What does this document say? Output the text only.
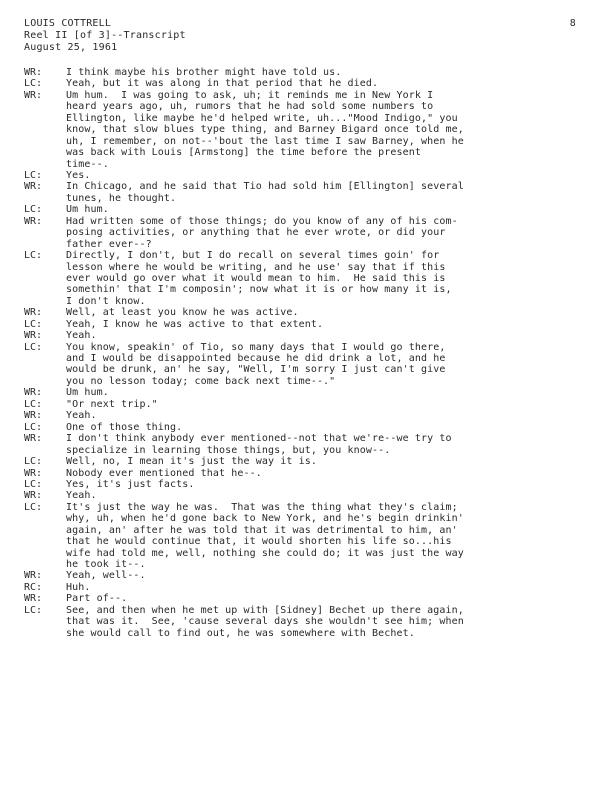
LOUIS COTTRELL
Reel II [of 3]--Transcript
August 25, 1961
8
WR:	I think maybe his brother might have told us.
LC:	Yeah, but it was along in that period that he died.
WR:	Um hum.  I was going to ask, uh; it reminds me in New York I
heard years ago, uh, rumors that he had sold some numbers to
Ellington, like maybe he'd helped write, uh..."Mood Indigo," you
know, that slow blues type thing, and Barney Bigard once told me,
uh, I remember, on not--'bout the last time I saw Barney, when he
was back with Louis [Armstong] the time before the present
time--.
LC:	Yes.
WR:	In Chicago, and he said that Tio had sold him [Ellington] several
tunes, he thought.
LC:	Um hum.
WR:	Had written some of those things; do you know of any of his com-
posing activities, or anything that he ever wrote, or did your
father ever--?
LC:	Directly, I don't, but I do recall on several times goin' for
lesson where he would be writing, and he use' say that if this
ever would go over what it would mean to him.  He said this is
somethin' that I'm composin'; now what it is or how many it is,
I don't know.
WR:	Well, at least you know he was active.
LC:	Yeah, I know he was active to that extent.
WR:	Yeah.
LC:	You know, speakin' of Tio, so many days that I would go there,
and I would be disappointed because he did drink a lot, and he
would be drunk, an' he say, "Well, I'm sorry I just can't give
you no lesson today; come back next time--."
WR:	Um hum.
LC:	"Or next trip."
WR:	Yeah.
LC:	One of those thing.
WR:	I don't think anybody ever mentioned--not that we're--we try to
specialize in learning those things, but, you know--.
LC:	Well, no, I mean it's just the way it is.
WR:	Nobody ever mentioned that he--.
LC:	Yes, it's just facts.
WR:	Yeah.
LC:	It's just the way he was.  That was the thing what they's claim;
why, uh, when he'd gone back to New York, and he's begin drinkin'
again, an' after he was told that it was detrimental to him, an'
that he would continue that, it would shorten his life so...his
wife had told me, well, nothing she could do; it was just the way
he took it--.
WR:	Yeah, well--.
RC:	Huh.
WR:	Part of--.
LC:	See, and then when he met up with [Sidney] Bechet up there again,
that was it.  See, 'cause several days she wouldn't see him; when
she would call to find out, he was somewhere with Bechet.
